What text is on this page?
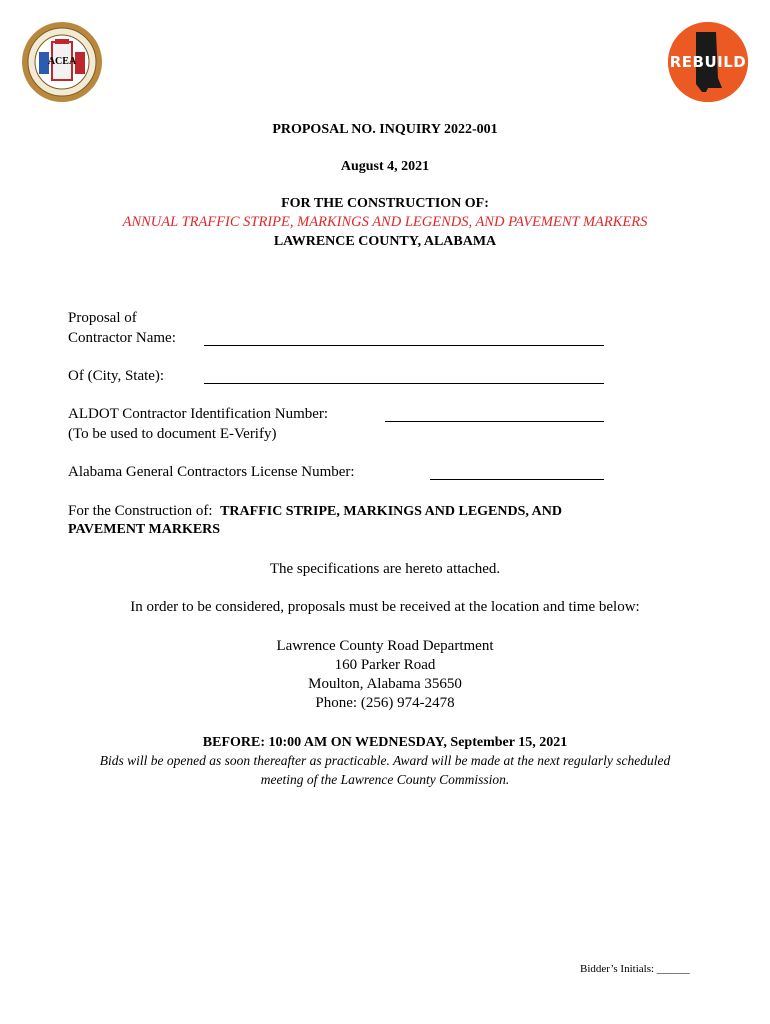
ACEA	REBUILD
PROPOSAL NO. INQUIRY 2022-001
August 4, 2021
FOR THE CONSTRUCTION OF:
ANNUAL TRAFFIC STRIPE, MARKINGS AND LEGENDS, AND PAVEMENT MARKERS
LAWRENCE COUNTY, ALABAMA
Proposal of
Contractor Name:
Of (City, State):
ALDOT Contractor Identification Number:
(To be used to document E-Verify)
Alabama General Contractors License Number:
For the Construction of: TRAFFIC STRIPE, MARKINGS AND LEGENDS, AND
PAVEMENT MARKERS
The specifications are hereto attached.
In order to be considered, proposals must be received at the location and time below:
Lawrence County Road Department
160 Parker Road
Moulton, Alabama 35650
Phone: (256) 974-2478
BEFORE: 10:00 AM ON WEDNESDAY, September 15, 2021
Bids will be opened as soon thereafter as practicable. Award will be made at the next regularly scheduled
meeting of the Lawrence County Commission.
Bidder’s Initials: ______
